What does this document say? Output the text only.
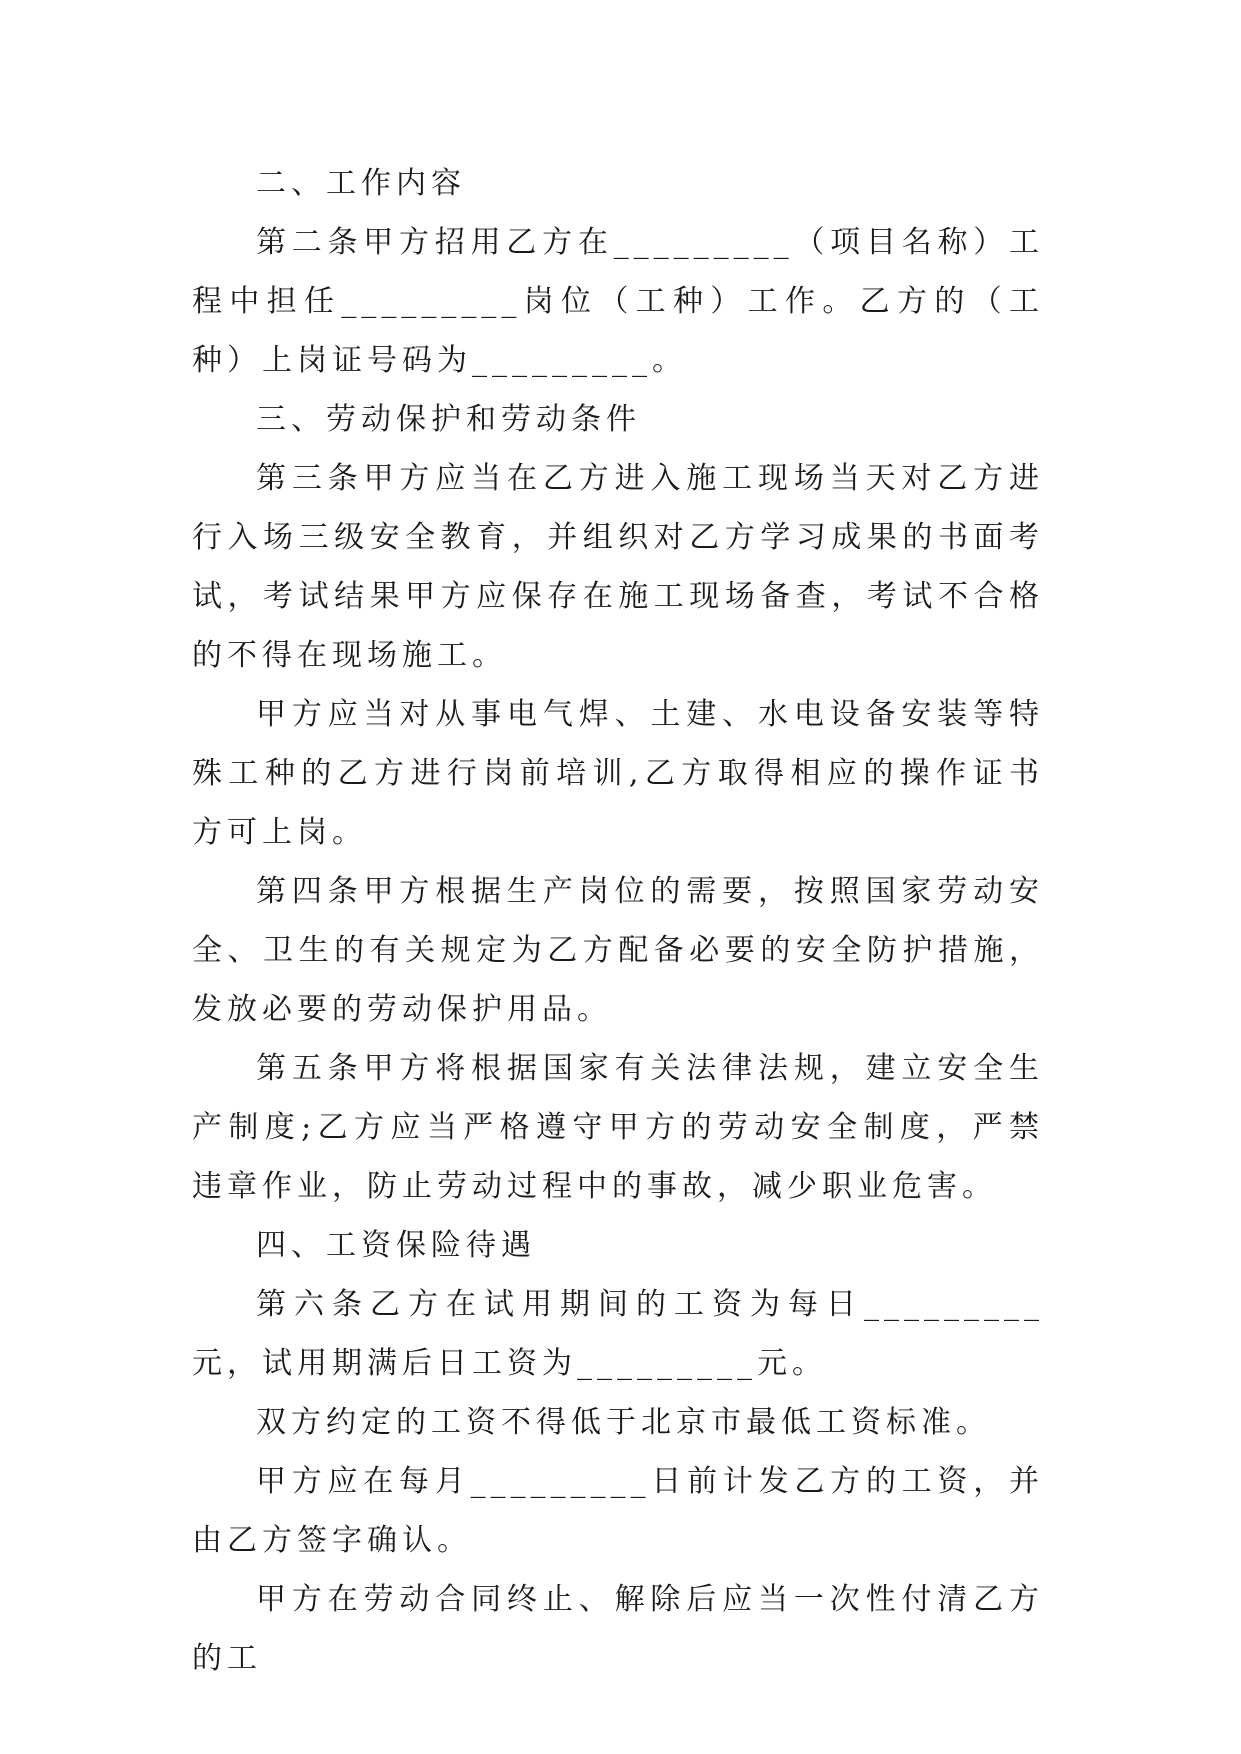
二、工作内容

第二条甲方招用乙方在_________（项目名称）工程中担任_________岗位（工种）工作。乙方的（工种）上岗证号码为_________。

三、劳动保护和劳动条件

第三条甲方应当在乙方进入施工现场当天对乙方进行入场三级安全教育，并组织对乙方学习成果的书面考试，考试结果甲方应保存在施工现场备查，考试不合格的不得在现场施工。

甲方应当对从事电气焊、土建、水电设备安装等特殊工种的乙方进行岗前培训,乙方取得相应的操作证书方可上岗。

第四条甲方根据生产岗位的需要，按照国家劳动安全、卫生的有关规定为乙方配备必要的安全防护措施，发放必要的劳动保护用品。

第五条甲方将根据国家有关法律法规，建立安全生产制度;乙方应当严格遵守甲方的劳动安全制度，严禁违章作业，防止劳动过程中的事故，减少职业危害。

四、工资保险待遇

第六条乙方在试用期间的工资为每日_________元，试用期满后日工资为_________元。

双方约定的工资不得低于北京市最低工资标准。

甲方应在每月_________日前计发乙方的工资，并由乙方签字确认。

甲方在劳动合同终止、解除后应当一次性付清乙方的工
